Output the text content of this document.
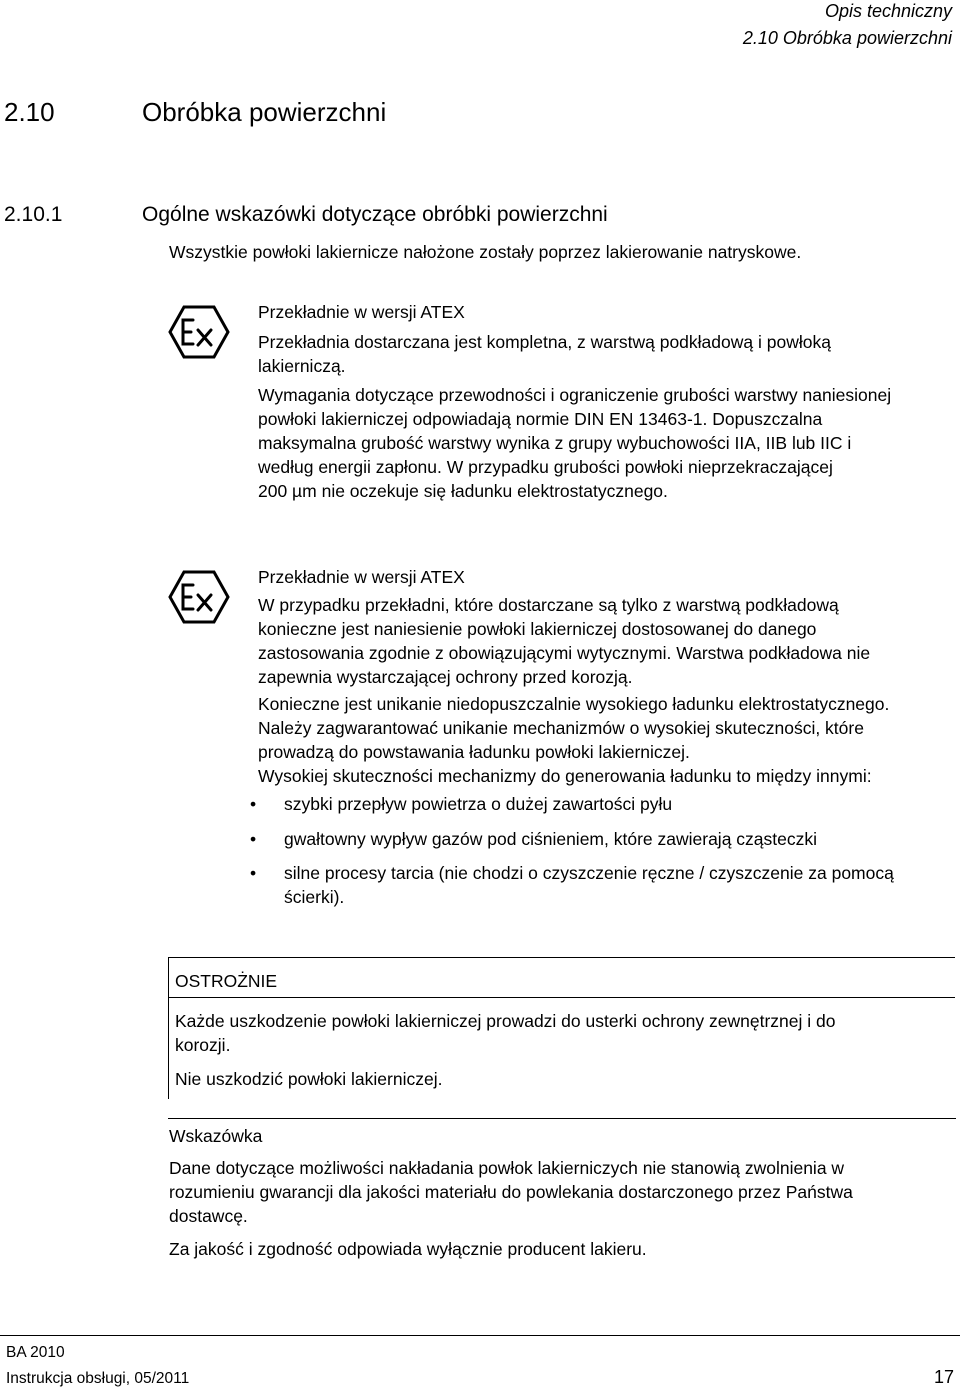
Opis techniczny
2.10 Obróbka powierzchni
2.10	Obróbka powierzchni
2.10.1	Ogólne wskazówki dotyczące obróbki powierzchni
Wszystkie powłoki lakiernicze nałożone zostały poprzez lakierowanie natryskowe.
Przekładnie w wersji ATEX
Przekładnia dostarczana jest kompletna, z warstwą podkładową i powłoką
lakierniczą.
Wymagania dotyczące przewodności i ograniczenie grubości warstwy naniesionej
powłoki lakierniczej odpowiadają normie DIN EN 13463-1. Dopuszczalna
maksymalna grubość warstwy wynika z grupy wybuchowości IIA, IIB lub IIC i
według energii zapłonu. W przypadku grubości powłoki nieprzekraczającej
200 µm nie oczekuje się ładunku elektrostatycznego.
Przekładnie w wersji ATEX
W przypadku przekładni, które dostarczane są tylko z warstwą podkładową
konieczne jest naniesienie powłoki lakierniczej dostosowanej do danego
zastosowania zgodnie z obowiązującymi wytycznymi. Warstwa podkładowa nie
zapewnia wystarczającej ochrony przed korozją.
Konieczne jest unikanie niedopuszczalnie wysokiego ładunku elektrostatycznego.
Należy zagwarantować unikanie mechanizmów o wysokiej skuteczności, które
prowadzą do powstawania ładunku powłoki lakierniczej.
Wysokiej skuteczności mechanizmy do generowania ładunku to między innymi:
• szybki przepływ powietrza o dużej zawartości pyłu
• gwałtowny wypływ gazów pod ciśnieniem, które zawierają cząsteczki
• silne procesy tarcia (nie chodzi o czyszczenie ręczne / czyszczenie za pomocą
ścierki).
OSTROŻNIE
Każde uszkodzenie powłoki lakierniczej prowadzi do usterki ochrony zewnętrznej i do
korozji.
Nie uszkodzić powłoki lakierniczej.
Wskazówka
Dane dotyczące możliwości nakładania powłok lakierniczych nie stanowią zwolnienia w
rozumieniu gwarancji dla jakości materiału do powlekania dostarczonego przez Państwa
dostawcę.
Za jakość i zgodność odpowiada wyłącznie producent lakieru.
BA 2010
Instrukcja obsługi, 05/2011	17
